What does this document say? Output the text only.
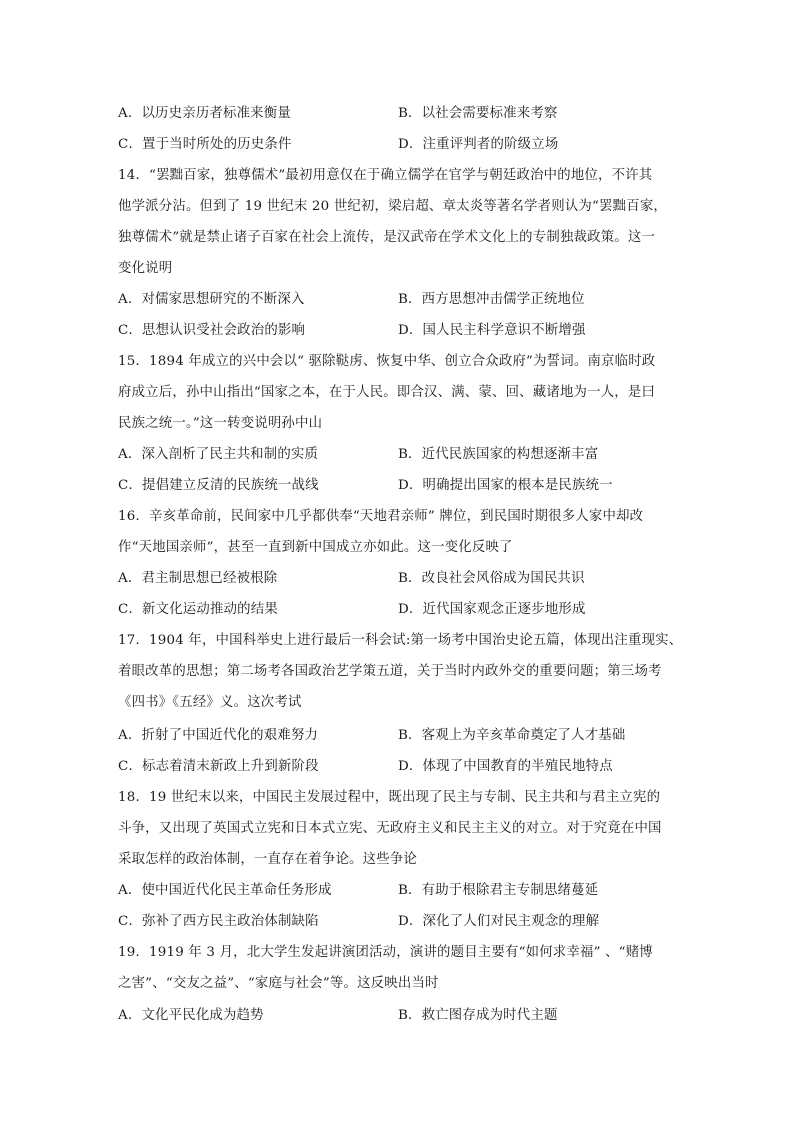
A．以历史亲历者标准来衡量	B．以社会需要标准来考察
C．置于当时所处的历史条件	D．注重评判者的阶级立场
14．“罢黜百家，独尊儒术”最初用意仅在于确立儒学在官学与朝廷政治中的地位，不许其
他学派分沾。但到了 19 世纪末 20 世纪初，梁启超、章太炎等著名学者则认为“罢黜百家，
独尊儒术”就是禁止诸子百家在社会上流传，是汉武帝在学术文化上的专制独裁政策。这一
变化说明
A．对儒家思想研究的不断深入	B．西方思想冲击儒学正统地位
C．思想认识受社会政治的影响	D．国人民主科学意识不断增强
15．1894 年成立的兴中会以“ 驱除鞑虏、恢复中华、创立合众政府”为誓词。南京临时政
府成立后，孙中山指出“国家之本，在于人民。即合汉、满、蒙、回、藏诸地为一人，是曰
民族之统一。”这一转变说明孙中山
A．深入剖析了民主共和制的实质	B．近代民族国家的构想逐渐丰富
C．提倡建立反清的民族统一战线	D．明确提出国家的根本是民族统一
16．辛亥革命前，民间家中几乎都供奉“天地君亲师” 牌位，到民国时期很多人家中却改
作“天地国亲师”，甚至一直到新中国成立亦如此。这一变化反映了
A．君主制思想已经被根除	B．改良社会风俗成为国民共识
C．新文化运动推动的结果	D．近代国家观念正逐步地形成
17．1904 年，中国科举史上进行最后一科会试:第一场考中国治史论五篇，体现出注重现实、
着眼改革的思想；第二场考各国政治艺学策五道，关于当时内政外交的重要问题；第三场考
《四书》《五经》义。这次考试
A．折射了中国近代化的艰难努力	B．客观上为辛亥革命奠定了人才基础
C．标志着清末新政上升到新阶段	D．体现了中国教育的半殖民地特点
18．19 世纪末以来，中国民主发展过程中，既出现了民主与专制、民主共和与君主立宪的
斗争，又出现了英国式立宪和日本式立宪、无政府主义和民主主义的对立。对于究竟在中国
采取怎样的政治体制，一直存在着争论。这些争论
A．使中国近代化民主革命任务形成	B．有助于根除君主专制思绪蔓延
C．弥补了西方民主政治体制缺陷	D．深化了人们对民主观念的理解
19．1919 年 3 月，北大学生发起讲演团活动，演讲的题目主要有“如何求幸福” 、“赌博
之害”、“交友之益”、“家庭与社会”等。这反映出当时
A．文化平民化成为趋势	B．救亡图存成为时代主题
